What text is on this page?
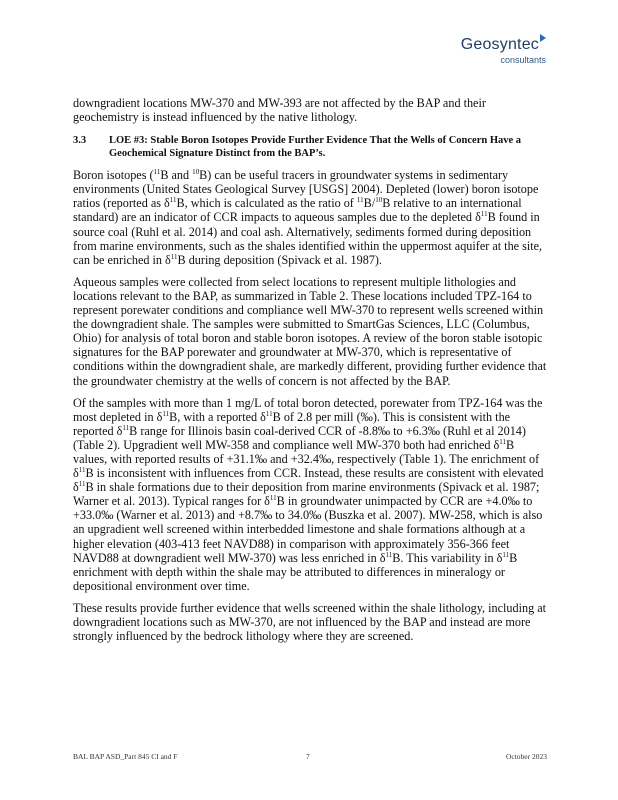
Geosyntec
consultants

downgradient locations MW-370 and MW-393 are not affected by the BAP and their geochemistry is instead influenced by the native lithology.

3.3	LOE #3: Stable Boron Isotopes Provide Further Evidence That the Wells of Concern Have a Geochemical Signature Distinct from the BAP’s.

Boron isotopes ($^{11}$B and $^{10}$B) can be useful tracers in groundwater systems in sedimentary environments (United States Geological Survey [USGS] 2004). Depleted (lower) boron isotope ratios (reported as $\delta^{11}B$, which is calculated as the ratio of $^{11}$B/$^{10}$B relative to an international standard) are an indicator of CCR impacts to aqueous samples due to the depleted $\delta^{11}B$ found in source coal (Ruhl et al. 2014) and coal ash. Alternatively, sediments formed during deposition from marine environments, such as the shales identified within the uppermost aquifer at the site, can be enriched in $\delta^{11}B$ during deposition (Spivack et al. 1987).

Aqueous samples were collected from select locations to represent multiple lithologies and locations relevant to the BAP, as summarized in Table 2. These locations included TPZ-164 to represent porewater conditions and compliance well MW-370 to represent wells screened within the downgradient shale. The samples were submitted to SmartGas Sciences, LLC (Columbus, Ohio) for analysis of total boron and stable boron isotopes. A review of the boron stable isotopic signatures for the BAP porewater and groundwater at MW-370, which is representative of conditions within the downgradient shale, are markedly different, providing further evidence that the groundwater chemistry at the wells of concern is not affected by the BAP.

Of the samples with more than 1 mg/L of total boron detected, porewater from TPZ-164 was the most depleted in $\delta^{11}B$, with a reported $\delta^{11}B$ of 2.8 per mill (‰). This is consistent with the reported $\delta^{11}B$ range for Illinois basin coal-derived CCR of -8.8‰ to +6.3‰ (Ruhl et al 2014) (Table 2). Upgradient well MW-358 and compliance well MW-370 both had enriched $\delta^{11}B$ values, with reported results of +31.1‰ and +32.4‰, respectively (Table 1). The enrichment of $\delta^{11}B$ is inconsistent with influences from CCR. Instead, these results are consistent with elevated $\delta^{11}B$ in shale formations due to their deposition from marine environments (Spivack et al. 1987; Warner et al. 2013). Typical ranges for $\delta^{11}B$ in groundwater unimpacted by CCR are +4.0‰ to +33.0‰ (Warner et al. 2013) and +8.7‰ to 34.0‰ (Buszka et al. 2007). MW-258, which is also an upgradient well screened within interbedded limestone and shale formations although at a higher elevation (403-413 feet NAVD88) in comparison with approximately 356-366 feet NAVD88 at downgradient well MW-370) was less enriched in $\delta^{11}B$. This variability in $\delta^{11}B$ enrichment with depth within the shale may be attributed to differences in mineralogy or depositional environment over time.

These results provide further evidence that wells screened within the shale lithology, including at downgradient locations such as MW-370, are not influenced by the BAP and instead are more strongly influenced by the bedrock lithology where they are screened.

BAL BAP ASD_Part 845 CI and F	7	October 2023
